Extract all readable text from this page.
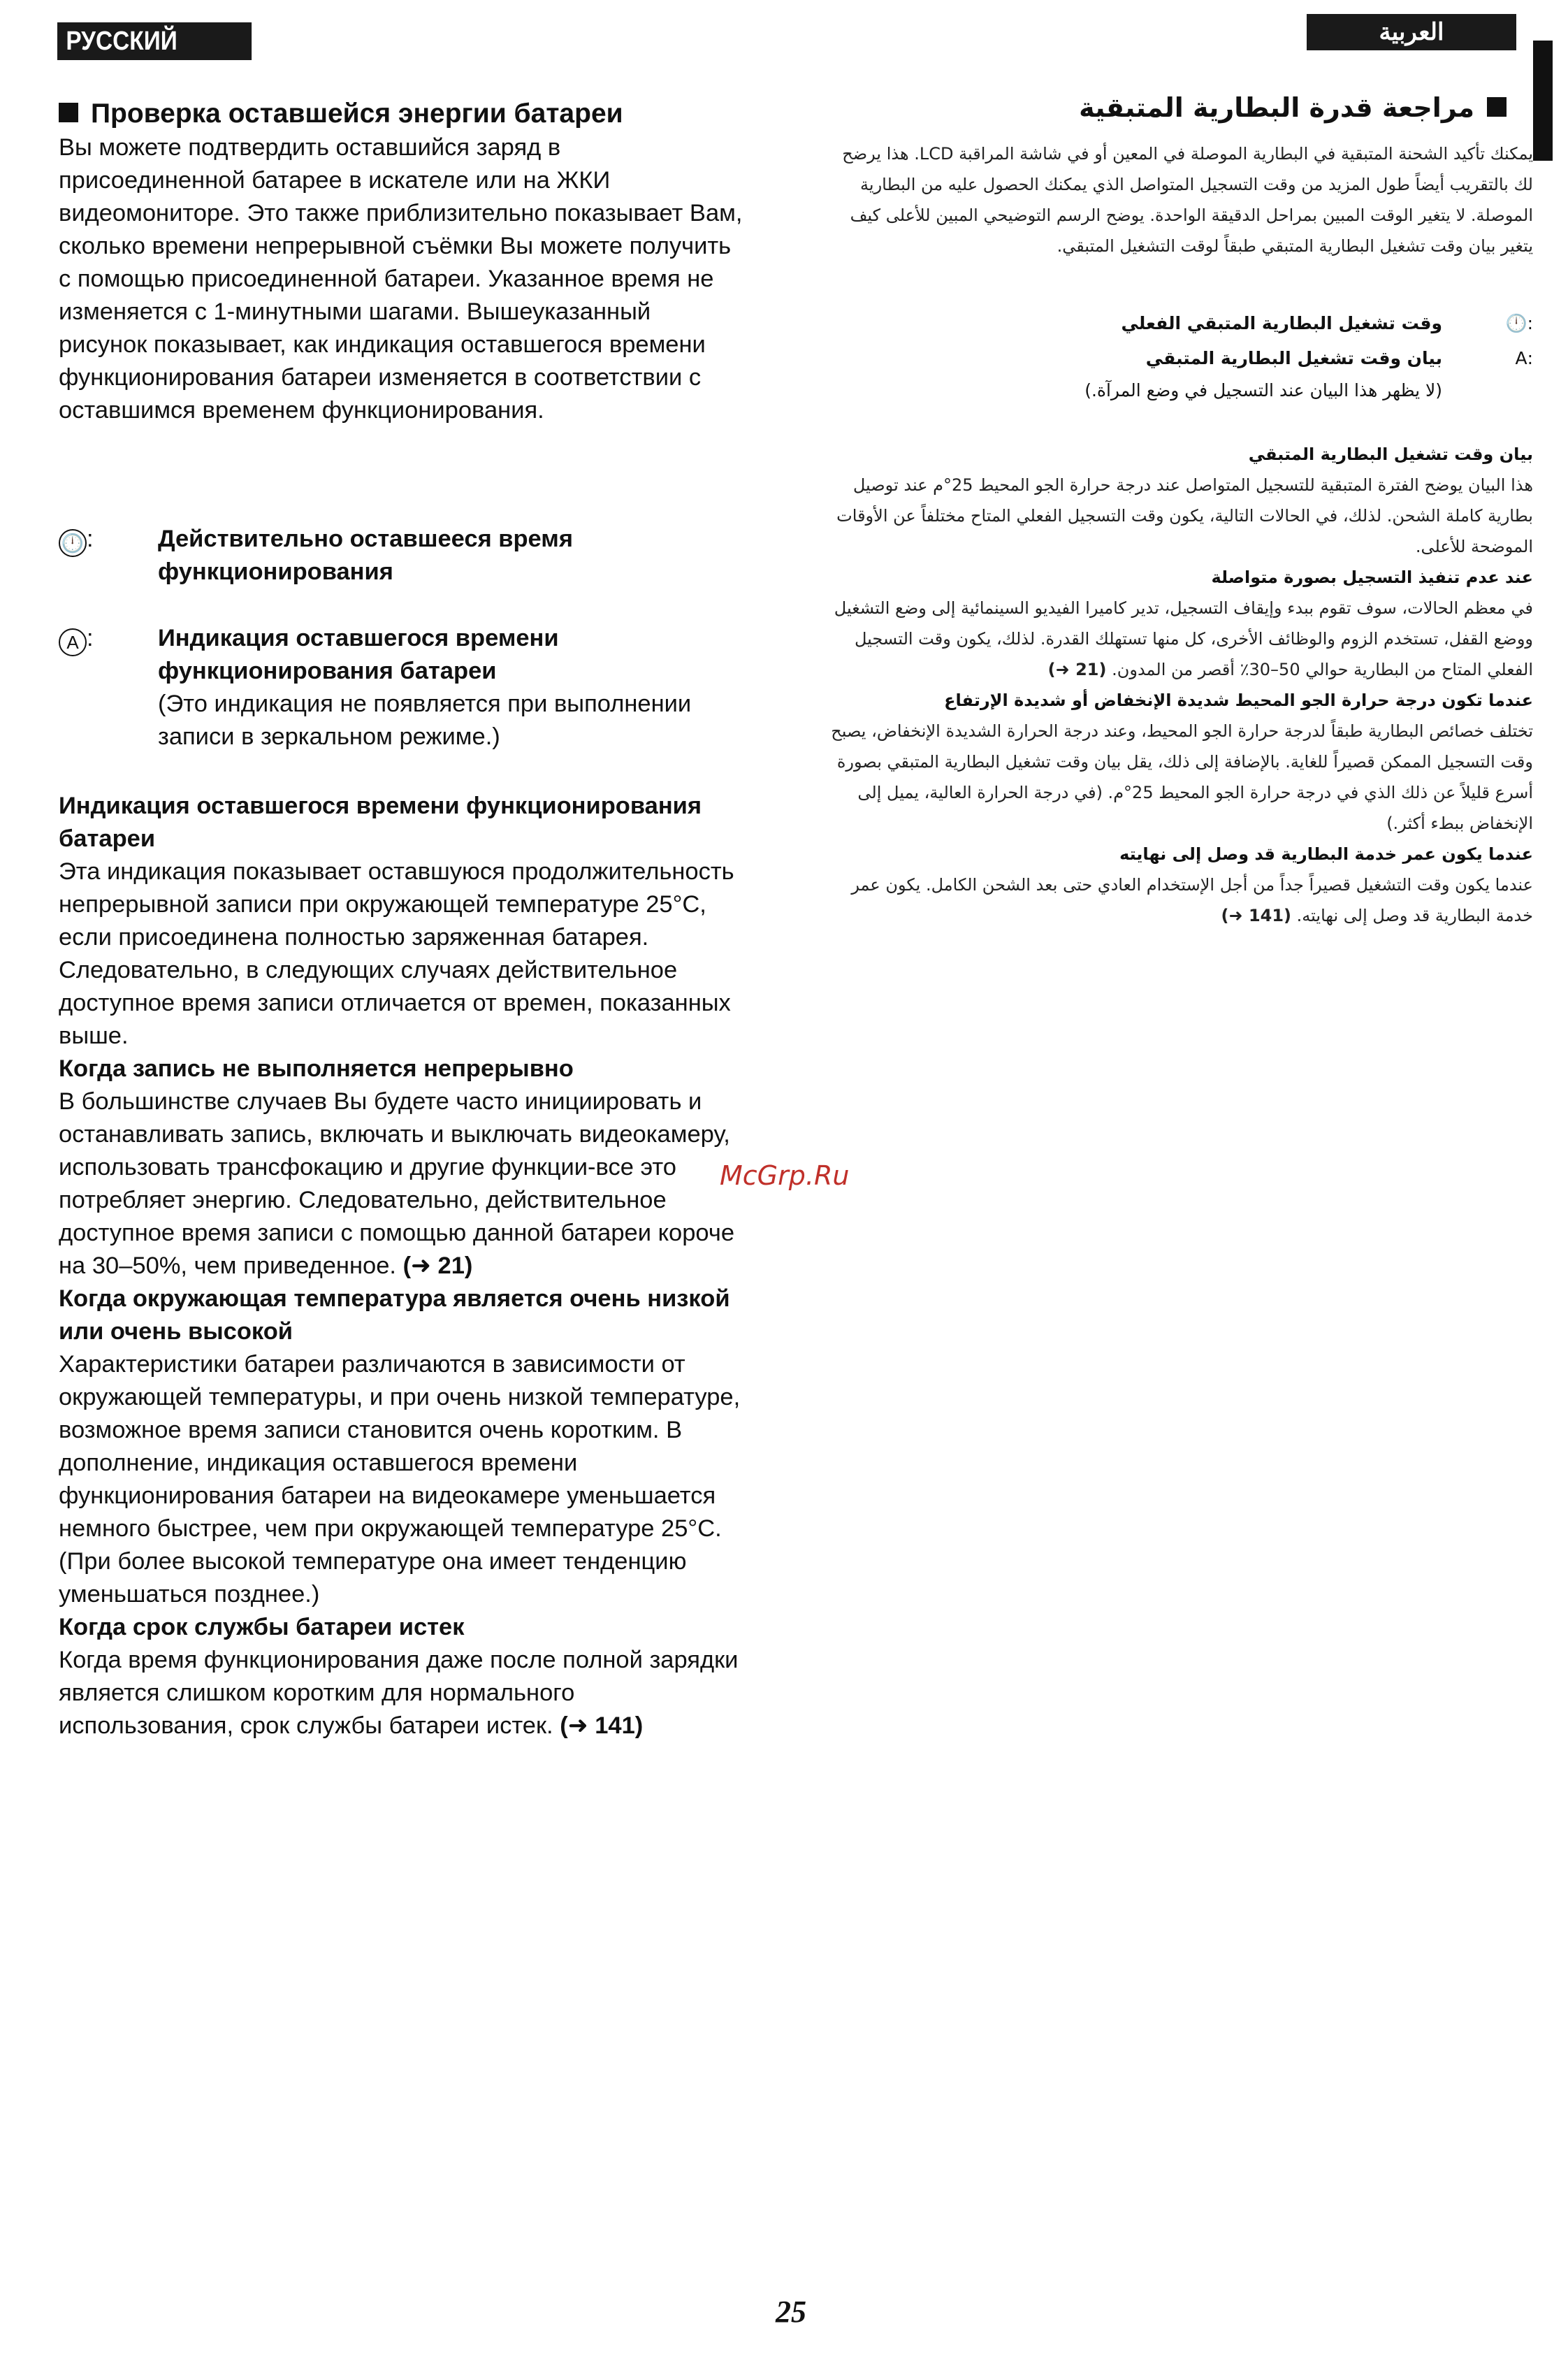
РУССКИЙ ЯЗЫК
العربية
Проверка оставшейся энергии батареи

Вы можете подтвердить оставшийся заряд в присоединенной батарее в искателе или на ЖКИ видеомониторе. Это также приблизительно показывает Вам, сколько времени непрерывной съёмки Вы можете получить с помощью присоединенной батареи. Указанное время не изменяется с 1-минутными шагами. Вышеуказанный рисунок показывает, как индикация оставшегося времени функционирования батареи изменяется в соответствии с оставшимся временем функционирования.

🕛 :	Действительно оставшееся время функционирования
A :	Индикация оставшегося времени функционирования батареи
(Это индикация не появляется при выполнении записи в зеркальном режиме.)

Индикация оставшегося времени функционирования батареи

Эта индикация показывает оставшуюся продолжительность непрерывной записи при окружающей температуре 25°C, если присоединена полностью заряженная батарея. Следовательно, в следующих случаях действительное доступное время записи отличается от времен, показанных выше.

Когда запись не выполняется непрерывно

В большинстве случаев Вы будете часто инициировать и останавливать запись, включать и выключать видеокамеру, использовать трансфокацию и другие функции-все это потребляет энергию. Следовательно, действительное доступное время записи с помощью данной батареи короче на 30–50%, чем приведенное. (➜ 21)

Когда окружающая температура является очень низкой или очень высокой

Характеристики батареи различаются в зависимости от окружающей температуры, и при очень низкой температуре, возможное время записи становится очень коротким. В дополнение, индикация оставшегося времени функционирования батареи на видеокамере уменьшается немного быстрее, чем при окружающей температуре 25°C. (При более высокой температуре она имеет тенденцию уменьшаться позднее.)

Когда срок службы батареи истек

Когда время функционирования даже после полной зарядки является слишком коротким для нормального использования, срок службы батареи истек. (➜ 141)

مراجعة قدرة البطارية المتبقية

يمكنك تأكيد الشحنة المتبقية في البطارية الموصلة في المعين أو في شاشة المراقبة LCD. هذا يرضح لك بالتقريب أيضاً طول المزيد من وقت التسجيل المتواصل الذي يمكنك الحصول عليه من البطارية الموصلة. لا يتغير الوقت المبين بمراحل الدقيقة الواحدة. يوضح الرسم التوضيحي المبين للأعلى كيف يتغير بيان وقت تشغيل البطارية المتبقي طبقاً لوقت التشغيل المتبقي.

:🕛
وقت تشغيل البطارية المتبقي الفعلي
:A
بيان وقت تشغيل البطارية المتبقي
(لا يظهر هذا البيان عند التسجيل في وضع المرآة.)

بيان وقت تشغيل البطارية المتبقي

هذا البيان يوضح الفترة المتبقية للتسجيل المتواصل عند درجة حرارة الجو المحيط 25°م عند توصيل بطارية كاملة الشحن. لذلك، في الحالات التالية، يكون وقت التسجيل الفعلي المتاح مختلفاً عن الأوقات الموضحة للأعلى.

عند عدم تنفيذ التسجيل بصورة متواصلة

في معظم الحالات، سوف تقوم ببدء وإيقاف التسجيل، تدير كاميرا الفيديو السينمائية إلى وضع التشغيل ووضع القفل، تستخدم الزوم والوظائف الأخرى، كل منها تستهلك القدرة. لذلك، يكون وقت التسجيل الفعلي المتاح من البطارية حوالي 50–30٪ أقصر من المدون. (➜ 21)

عندما تكون درجة حرارة الجو المحيط شديدة الإنخفاض أو شديدة الإرتفاع

تختلف خصائص البطارية طبقاً لدرجة حرارة الجو المحيط، وعند درجة الحرارة الشديدة الإنخفاض، يصبح وقت التسجيل الممكن قصيراً للغاية. بالإضافة إلى ذلك، يقل بيان وقت تشغيل البطارية المتبقي بصورة أسرع قليلاً عن ذلك الذي في درجة حرارة الجو المحيط 25°م. (في درجة الحرارة العالية، يميل إلى الإنخفاض ببطء أكثر.)

عندما يكون عمر خدمة البطارية قد وصل إلى نهايته

عندما يكون وقت التشغيل قصيراً جداً من أجل الإستخدام العادي حتى بعد الشحن الكامل. يكون عمر خدمة البطارية قد وصل إلى نهايته. (➜ 141)

McGrp.Ru
25
